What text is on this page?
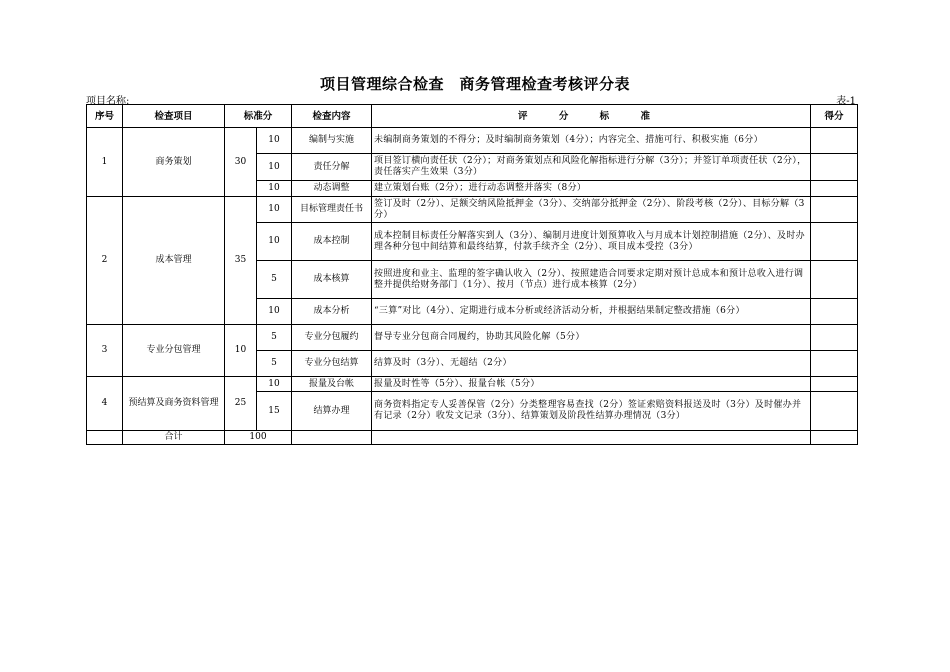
项目管理综合检查　商务管理检查考核评分表
项目名称:	表-1
序号	检查项目	标准分		检查内容	评 分 标 准	得分
1	商务策划	30	10	编制与实施	未编制商务策划的不得分；及时编制商务策划（4分）；内容完全、措施可行、积极实施（6分）	
			10	责任分解	项目签订横向责任状（2分）；对商务策划点和风险化解指标进行分解（3分）；并签订单项责任状（2分），责任落实产生效果（3分）	
			10	动态调整	建立策划台账（2分）；进行动态调整并落实（8分）	
2	成本管理	35	10	目标管理责任书	签订及时（2分）、足额交纳风险抵押金（3分）、交纳部分抵押金（2分）、阶段考核（2分）、目标分解（3分）	
			10	成本控制	成本控制目标责任分解落实到人（3分）、编制月进度计划预算收入与月成本计划控制措施（2分）、及时办理各种分包中间结算和最终结算，付款手续齐全（2分）、项目成本受控（3分）	
			5	成本核算	按照进度和业主、监理的签字确认收入（2分）、按照建造合同要求定期对预计总成本和预计总收入进行调整并提供给财务部门（1分）、按月（节点）进行成本核算（2分）	
			10	成本分析	“三算”对比（4分）、定期进行成本分析或经济活动分析，并根据结果制定整改措施（6分）	
3	专业分包管理	10	5	专业分包履约	督导专业分包商合同履约，协助其风险化解（5分）	
			5	专业分包结算	结算及时（3分）、无超结（2分）	
4	预结算及商务资料管理	25	10	报量及台帐	报量及时性等（5分）、报量台帐（5分）	
			15	结算办理	商务资料指定专人妥善保管（2分）分类整理容易查找（2分）签证索赔资料报送及时（3分）及时催办并有记录（2分）收发文记录（3分）、结算策划及阶段性结算办理情况（3分）	
	合计	100				
